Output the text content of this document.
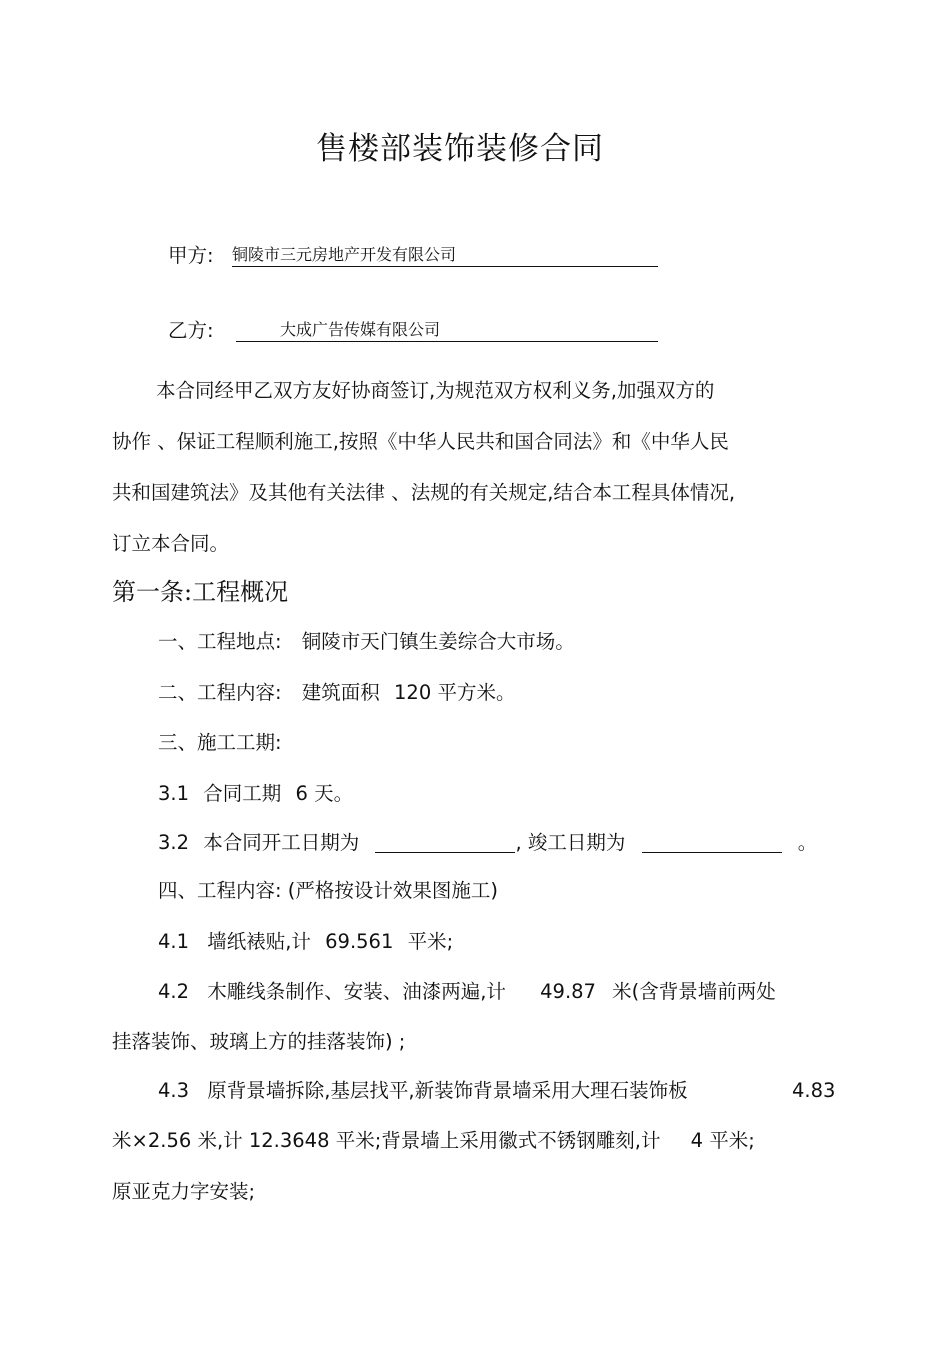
售楼部装饰装修合同
甲方: 铜陵市三元房地产开发有限公司
乙方:	大成广告传媒有限公司
本合同经甲乙双方友好协商签订,为规范双方权利义务,加强双方的
协作 、保证工程顺利施工,按照《中华人民共和国合同法》和《中华人民
共和国建筑法》及其他有关法律 、法规的有关规定,结合本工程具体情况,
订立本合同。
第一条:工程概况
一、工程地点: 铜陵市天门镇生姜综合大市场。
二、工程内容: 建筑面积 120 平方米。
三、施工工期:
3.1 合同工期 6 天。
3.2 本合同开工日期为	, 竣工日期为	。
四、工程内容: (严格按设计效果图施工)
4.1 墙纸裱贴,计 69.561 平米;
4.2 木雕线条制作、安装、油漆两遍,计 49.87 米(含背景墙前两处
挂落装饰、玻璃上方的挂落装饰) ;
4.3 原背景墙拆除,基层找平,新装饰背景墙采用大理石装饰板	4.83
米×2.56 米,计 12.3648 平米;背景墙上采用徽式不锈钢雕刻,计 4 平米;
原亚克力字安装;
